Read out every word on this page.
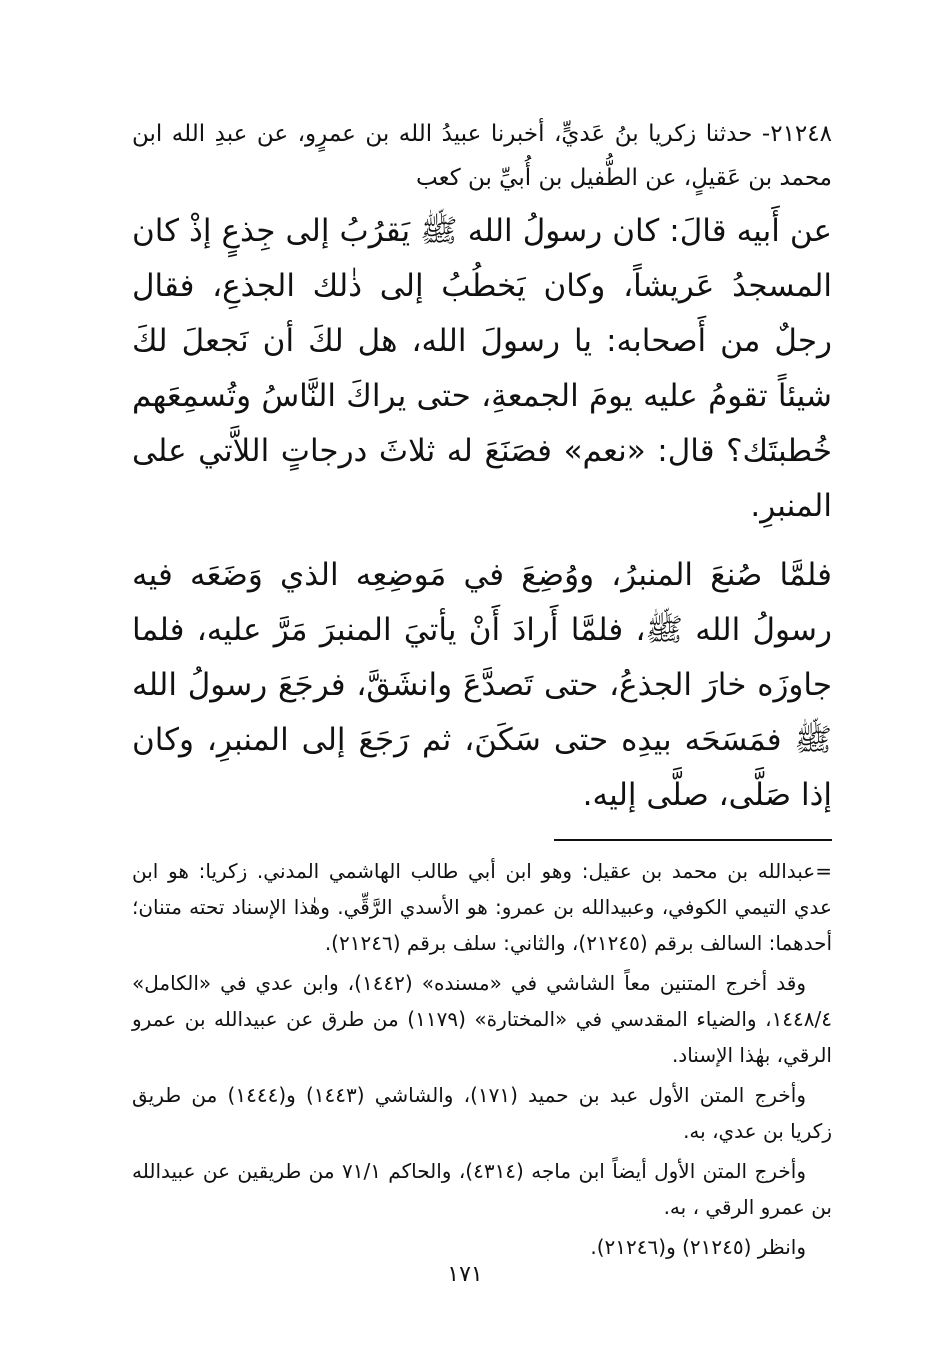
٢١٢٤٨- حدثنا زكريا بنُ عَديٍّ، أخبرنا عبيدُ الله بن عمرٍو، عن عبدِ الله ابن محمد بن عَقيلٍ، عن الطُّفيل بن أُبيِّ بن كعب

عن أَبيه قالَ: كان رسولُ الله ﷺ يَقرُبُ إلى جِذعٍ إذْ كان المسجدُ عَريشاً، وكان يَخطُبُ إلى ذٰلك الجذعِ، فقال رجلٌ من أَصحابه: يا رسولَ الله، هل لكَ أن نَجعلَ لكَ شيئاً تقومُ عليه يومَ الجمعةِ، حتى يراكَ النَّاسُ وتُسمِعَهم خُطبتَك؟ قال: «نعم» فصَنَعَ له ثلاثَ درجاتٍ اللاَّتي على المنبرِ.

فلمَّا صُنعَ المنبرُ، ووُضِعَ في مَوضِعِه الذي وَضَعَه فيه رسولُ الله ﷺ، فلمَّا أَرادَ أَنْ يأتيَ المنبرَ مَرَّ عليه، فلما جاوزَه خارَ الجذعُ، حتى تَصدَّعَ وانشَقَّ، فرجَعَ رسولُ الله ﷺ فمَسَحَه بيدِه حتى سَكَنَ، ثم رَجَعَ إلى المنبرِ، وكان إذا صَلَّى، صلَّى إليه.

=عبدالله بن محمد بن عقيل: وهو ابن أبي طالب الهاشمي المدني. زكريا: هو ابن عدي التيمي الكوفي، وعبيدالله بن عمرو: هو الأسدي الرَّقِّي. وهٰذا الإسناد تحته متنان؛ أحدهما: السالف برقم (٢١٢٤٥)، والثاني: سلف برقم (٢١٢٤٦).

وقد أخرج المتنين معاً الشاشي في «مسنده» (١٤٤٢)، وابن عدي في «الكامل» ١٤٤٨/٤، والضياء المقدسي في «المختارة» (١١٧٩) من طرق عن عبيدالله بن عمرو الرقي، بهٰذا الإسناد.

وأخرج المتن الأول عبد بن حميد (١٧١)، والشاشي (١٤٤٣) و(١٤٤٤) من طريق زكريا بن عدي، به.

وأخرج المتن الأول أيضاً ابن ماجه (٤٣١٤)، والحاكم ٧١/١ من طريقين عن عبيدالله بن عمرو الرقي ، به.

وانظر (٢١٢٤٥) و(٢١٢٤٦).

١٧١
